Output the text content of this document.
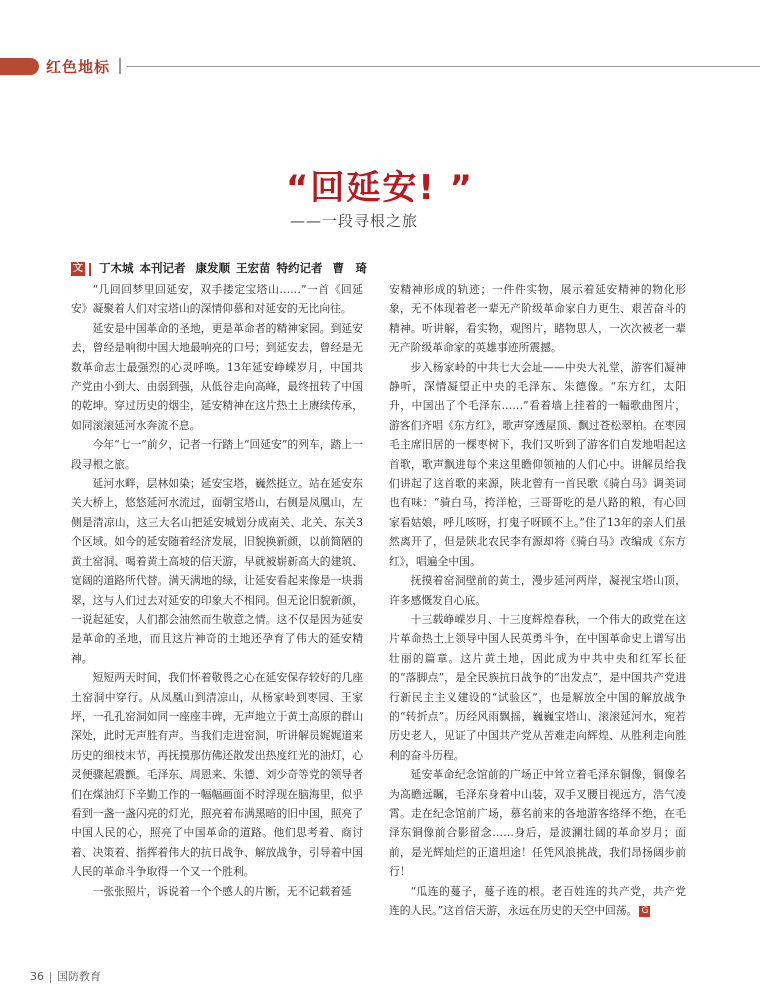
红色地标
“回延安! ”
——一段寻根之旅
文 丁木城 本刊记者 康发顺 王宏苗 特约记者 曹　琦

“几回回梦里回延安，双手搂定宝塔山……”一首《回延安》凝聚着人们对宝塔山的深情仰慕和对延安的无比向往。

延安是中国革命的圣地，更是革命者的精神家园。到延安去，曾经是响彻中国大地最响亮的口号；到延安去，曾经是无数革命志士最强烈的心灵呼唤。13年延安峥嵘岁月，中国共产党由小到大、由弱到强，从低谷走向高峰，最终扭转了中国的乾坤。穿过历史的烟尘，延安精神在这片热土上赓续传承，如同滚滚延河水奔流不息。

今年“七一”前夕，记者一行踏上“回延安”的列车，踏上一段寻根之旅。

延河水畔，层林如染；延安宝塔，巍然挺立。站在延安东关大桥上，悠悠延河水流过，面朝宝塔山，右侧是凤凰山，左侧是清凉山，这三大名山把延安城划分成南关、北关、东关3个区域。如今的延安随着经济发展，旧貌换新颜，以前简陋的黄土窑洞、喝着黄土高坡的信天游，早就被崭新高大的建筑、宽阔的道路所代替。满天满地的绿，让延安看起来像是一块翡翠，这与人们过去对延安的印象大不相同。但无论旧貌新颜，一说起延安，人们都会油然而生敬意之情。这不仅是因为延安是革命的圣地，而且这片神奇的土地还孕育了伟大的延安精神。

短短两天时间，我们怀着敬畏之心在延安保存较好的几座土窑洞中穿行。从凤凰山到清凉山，从杨家岭到枣园、王家坪，一孔孔窑洞如同一座座丰碑，无声地立于黄土高原的群山深处，此时无声胜有声。当我们走进窑洞，听讲解员娓娓道来历史的细枝末节，再抚摸那仿佛还散发出热度红光的油灯，心灵便骤起震颤。毛泽东、周恩来、朱德、刘少奇等党的领导者们在煤油灯下辛勤工作的一幅幅画面不时浮现在脑海里，似乎看到一盏一盏闪亮的灯光，照亮着布满黑暗的旧中国，照亮了中国人民的心，照亮了中国革命的道路。他们思考着、商讨着、决策着、指挥着伟大的抗日战争、解放战争，引导着中国人民的革命斗争取得一个又一个胜利。

一张张照片，诉说着一个个感人的片断，无不记载着延

安精神形成的轨迹；一件件实物，展示着延安精神的物化形象，无不体现着老一辈无产阶级革命家自力更生、艰苦奋斗的精神。听讲解，看实物，观图片，睹物思人，一次次被老一辈无产阶级革命家的英雄事迹所震撼。

步入杨家岭的中共七大会址——中央大礼堂，游客们凝神静听，深情凝望正中央的毛泽东、朱德像。“东方红，太阳升，中国出了个毛泽东……”看着墙上挂着的一幅歌曲图片，游客们齐唱《东方红》，歌声穿透屋顶、飘过苍松翠柏。在枣园毛主席旧居的一棵枣树下，我们又听到了游客们自发地唱起这首歌，歌声飘进每个来这里瞻仰领袖的人们心中。讲解员给我们讲起了这首歌的来源，陕北曾有一首民歌《骑白马》调美词也有味：“骑白马，挎洋枪，三哥哥吃的是八路的粮，有心回家看姑娘，呼儿咳呀，打鬼子呀顾不上。”住了13年的亲人们虽然离开了，但是陕北农民李有源却将《骑白马》改编成《东方红》，唱遍全中国。

抚摸着窑洞壁前的黄土，漫步延河两岸，凝视宝塔山顶，许多感慨发自心底。

十三载峥嵘岁月、十三度辉煌春秋，一个伟大的政党在这片革命热土上领导中国人民英勇斗争，在中国革命史上谱写出壮丽的篇章。这片黄土地，因此成为中共中央和红军长征的“落脚点”，是全民族抗日战争的“出发点”，是中国共产党进行新民主主义建设的“试验区”，也是解放全中国的解放战争的“转折点”。历经风雨飘摇，巍巍宝塔山、滚滚延河水，宛若历史老人，见证了中国共产党从苦难走向辉煌、从胜利走向胜利的奋斗历程。

延安革命纪念馆前的广场正中耸立着毛泽东铜像，铜像名为高瞻远瞩，毛泽东身着中山装，双手叉腰目视远方，浩气凌霄。走在纪念馆前广场，慕名前来的各地游客络绎不绝，在毛泽东铜像前合影留念……身后，是波澜壮阔的革命岁月；面前，是光辉灿烂的正道坦途！任凭风浪挑战，我们昂扬阔步前行！

“瓜连的蔓子，蔓子连的根。老百姓连的共产党，共产党连的人民。”这首信天游，永远在历史的天空中回荡。 G

36 国防教育
